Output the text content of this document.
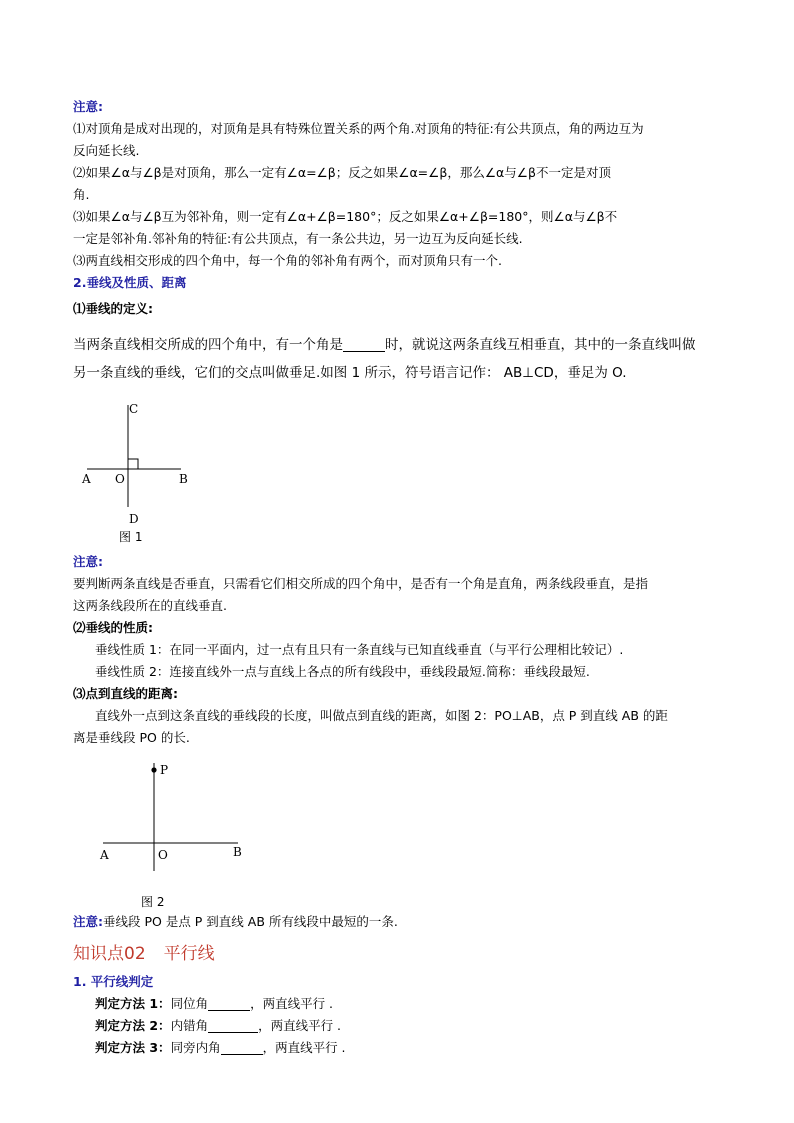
注意:
⑴对顶角是成对出现的，对顶角是具有特殊位置关系的两个角.对顶角的特征:有公共顶点，角的两边互为
反向延长线.
⑵如果∠α与∠β是对顶角，那么一定有∠α=∠β；反之如果∠α=∠β，那么∠α与∠β不一定是对顶
角.
⑶如果∠α与∠β互为邻补角，则一定有∠α+∠β=180°；反之如果∠α+∠β=180°，则∠α与∠β不
一定是邻补角.邻补角的特征:有公共顶点，有一条公共边，另一边互为反向延长线.
⑶两直线相交形成的四个角中，每一个角的邻补角有两个，而对顶角只有一个.
2.垂线及性质、距离
⑴垂线的定义:
当两条直线相交所成的四个角中，有一个角是	时，就说这两条直线互相垂直，其中的一条直线叫做
另一条直线的垂线，它们的交点叫做垂足.如图 1 所示，符号语言记作： AB⊥CD，垂足为 O.
C
A O	B
D
图 1
注意:
要判断两条直线是否垂直，只需看它们相交所成的四个角中，是否有一个角是直角，两条线段垂直，是指
这两条线段所在的直线垂直.
⑵垂线的性质:
垂线性质 1：在同一平面内，过一点有且只有一条直线与已知直线垂直（与平行公理相比较记）.
垂线性质 2：连接直线外一点与直线上各点的所有线段中，垂线段最短.简称：垂线段最短.
⑶点到直线的距离:
直线外一点到这条直线的垂线段的长度，叫做点到直线的距离，如图 2：PO⊥AB，点 P 到直线 AB 的距
离是垂线段 PO 的长.
P
A	O	B
图 2
注意:垂线段 PO 是点 P 到直线 AB 所有线段中最短的一条.
知识点02 平行线
1. 平行线判定
判定方法 1：同位角	，两直线平行 .
判定方法 2：内错角	，两直线平行 .
判定方法 3：同旁内角	，两直线平行 .
